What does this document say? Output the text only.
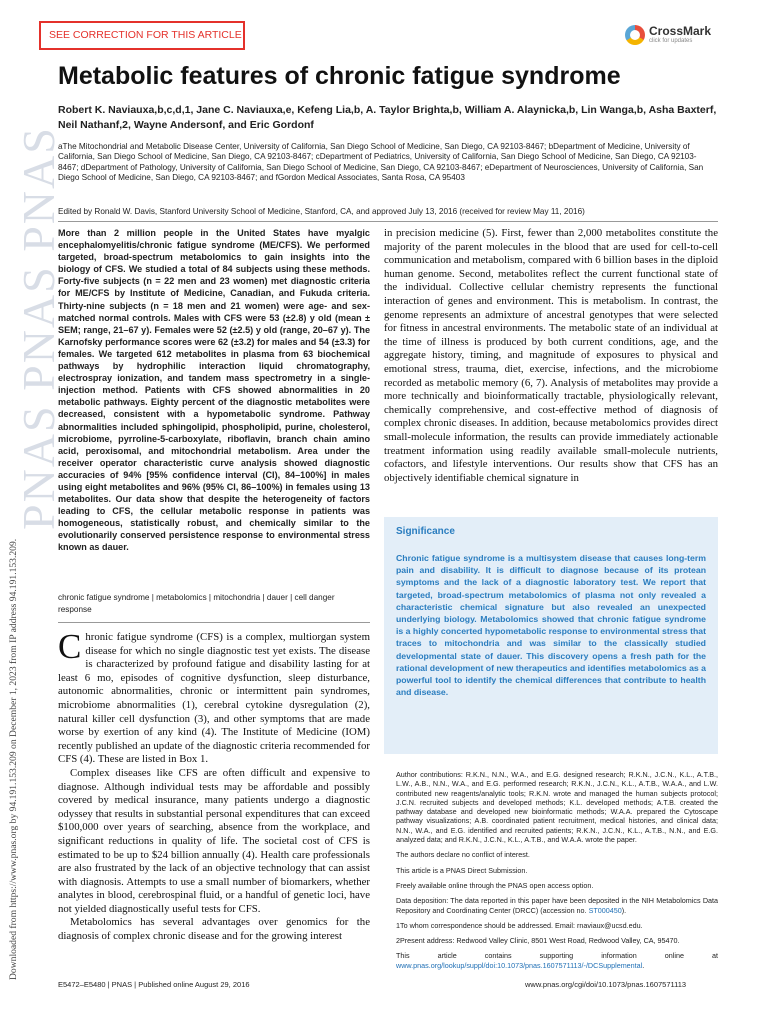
SEE CORRECTION FOR THIS ARTICLE	CrossMark
click for updates
PNAS PNAS PNAS
Downloaded from https://www.pnas.org by 94.191.153.209 on December 1, 2023 from IP address 94.191.153.209.
Metabolic features of chronic fatigue syndrome
Robert K. Naviauxa,b,c,d,1, Jane C. Naviauxa,e, Kefeng Lia,b, A. Taylor Brighta,b, William A. Alaynicka,b, Lin Wanga,b, Asha Baxterf, Neil Nathanf,2, Wayne Andersonf, and Eric Gordonf
aThe Mitochondrial and Metabolic Disease Center, University of California, San Diego School of Medicine, San Diego, CA 92103-8467; bDepartment of Medicine, University of California, San Diego School of Medicine, San Diego, CA 92103-8467; cDepartment of Pediatrics, University of California, San Diego School of Medicine, San Diego, CA 92103-8467; dDepartment of Pathology, University of California, San Diego School of Medicine, San Diego, CA 92103-8467; eDepartment of Neurosciences, University of California, San Diego School of Medicine, San Diego, CA 92103-8467; and fGordon Medical Associates, Santa Rosa, CA 95403
Edited by Ronald W. Davis, Stanford University School of Medicine, Stanford, CA, and approved July 13, 2016 (received for review May 11, 2016)
More than 2 million people in the United States have myalgic encephalomyelitis/chronic fatigue syndrome (ME/CFS). We performed targeted, broad-spectrum metabolomics to gain insights into the biology of CFS. We studied a total of 84 subjects using these methods. Forty-five subjects (n = 22 men and 23 women) met diagnostic criteria for ME/CFS by Institute of Medicine, Canadian, and Fukuda criteria. Thirty-nine subjects (n = 18 men and 21 women) were age- and sex-matched normal controls. Males with CFS were 53 (±2.8) y old (mean ± SEM; range, 21–67 y). Females were 52 (±2.5) y old (range, 20–67 y). The Karnofsky performance scores were 62 (±3.2) for males and 54 (±3.3) for females. We targeted 612 metabolites in plasma from 63 biochemical pathways by hydrophilic interaction liquid chromatography, electrospray ionization, and tandem mass spectrometry in a single-injection method. Patients with CFS showed abnormalities in 20 metabolic pathways. Eighty percent of the diagnostic metabolites were decreased, consistent with a hypometabolic syndrome. Pathway abnormalities included sphingolipid, phospholipid, purine, cholesterol, microbiome, pyrroline-5-carboxylate, riboflavin, branch chain amino acid, peroxisomal, and mitochondrial metabolism. Area under the receiver operator characteristic curve analysis showed diagnostic accuracies of 94% [95% confidence interval (CI), 84–100%] in males using eight metabolites and 96% (95% CI, 86–100%) in females using 13 metabolites. Our data show that despite the heterogeneity of factors leading to CFS, the cellular metabolic response in patients was homogeneous, statistically robust, and chemically similar to the evolutionarily conserved persistence response to environmental stress known as dauer.
chronic fatigue syndrome | metabolomics | mitochondria | dauer | cell danger response

Chronic fatigue syndrome (CFS) is a complex, multiorgan system disease for which no single diagnostic test yet exists. The disease is characterized by profound fatigue and disability lasting for at least 6 mo, episodes of cognitive dysfunction, sleep disturbance, autonomic abnormalities, chronic or intermittent pain syndromes, microbiome abnormalities (1), cerebral cytokine dysregulation (2), natural killer cell dysfunction (3), and other symptoms that are made worse by exertion of any kind (4). The Institute of Medicine (IOM) recently published an update of the diagnostic criteria recommended for CFS (4). These are listed in Box 1.

Complex diseases like CFS are often difficult and expensive to diagnose. Although individual tests may be affordable and possibly covered by medical insurance, many patients undergo a diagnostic odyssey that results in substantial personal expenditures that can exceed $100,000 over years of searching, absence from the workplace, and significant reductions in quality of life. The societal cost of CFS is estimated to be up to $24 billion annually (4). Health care professionals are also frustrated by the lack of an objective technology that can assist with diagnosis. Attempts to use a small number of biomarkers, whether analytes in blood, cerebrospinal fluid, or a handful of genetic loci, have not yielded diagnostically useful tests for CFS.

Metabolomics has several advantages over genomics for the diagnosis of complex chronic disease and for the growing interest

in precision medicine (5). First, fewer than 2,000 metabolites constitute the majority of the parent molecules in the blood that are used for cell-to-cell communication and metabolism, compared with 6 billion bases in the diploid human genome. Second, metabolites reflect the current functional state of the individual. Collective cellular chemistry represents the functional interaction of genes and environment. This is metabolism. In contrast, the genome represents an admixture of ancestral genotypes that were selected for fitness in ancestral environments. The metabolic state of an individual at the time of illness is produced by both current conditions, age, and the aggregate history, timing, and magnitude of exposures to physical and emotional stress, trauma, diet, exercise, infections, and the microbiome recorded as metabolic memory (6, 7). Analysis of metabolites may provide a more technically and bioinformatically tractable, physiologically relevant, chemically comprehensive, and cost-effective method of diagnosis of complex chronic diseases. In addition, because metabolomics provides direct small-molecule information, the results can provide immediately actionable treatment information using readily available small-molecule nutrients, cofactors, and lifestyle interventions. Our results show that CFS has an objectively identifiable chemical signature in

Significance
Chronic fatigue syndrome is a multisystem disease that causes long-term pain and disability. It is difficult to diagnose because of its protean symptoms and the lack of a diagnostic laboratory test. We report that targeted, broad-spectrum metabolomics of plasma not only revealed a characteristic chemical signature but also revealed an unexpected underlying biology. Metabolomics showed that chronic fatigue syndrome is a highly concerted hypometabolic response to environmental stress that traces to mitochondria and was similar to the classically studied developmental state of dauer. This discovery opens a fresh path for the rational development of new therapeutics and identifies metabolomics as a powerful tool to identify the chemical differences that contribute to health and disease.

Author contributions: R.K.N., N.N., W.A., and E.G. designed research; R.K.N., J.C.N., K.L., A.T.B., L.W., A.B., N.N., W.A., and E.G. performed research; R.K.N., J.C.N., K.L., A.T.B., W.A.A., and L.W. contributed new reagents/analytic tools; R.K.N. wrote and managed the human subjects protocol; J.C.N. recruited subjects and developed methods; K.L. developed methods; A.T.B. created the pathway database and developed new bioinformatic methods; W.A.A. prepared the Cytoscape pathway visualizations; A.B. coordinated patient recruitment, medical histories, and clinical data; N.N., W.A., and E.G. identified and recruited patients; R.K.N., J.C.N., K.L., A.T.B., N.N., and E.G. analyzed data; and R.K.N., J.C.N., K.L., A.T.B., and W.A.A. wrote the paper.

The authors declare no conflict of interest.

This article is a PNAS Direct Submission.

Freely available online through the PNAS open access option.

Data deposition: The data reported in this paper have been deposited in the NIH Metabolomics Data Repository and Coordinating Center (DRCC) (accession no. ST000450).

1To whom correspondence should be addressed. Email: rnaviaux@ucsd.edu.

2Present address: Redwood Valley Clinic, 8501 West Road, Redwood Valley, CA, 95470.

This article contains supporting information online at www.pnas.org/lookup/suppl/doi:10.1073/pnas.1607571113/-/DCSupplemental.

E5472–E5480 | PNAS | Published online August 29, 2016	www.pnas.org/cgi/doi/10.1073/pnas.1607571113
